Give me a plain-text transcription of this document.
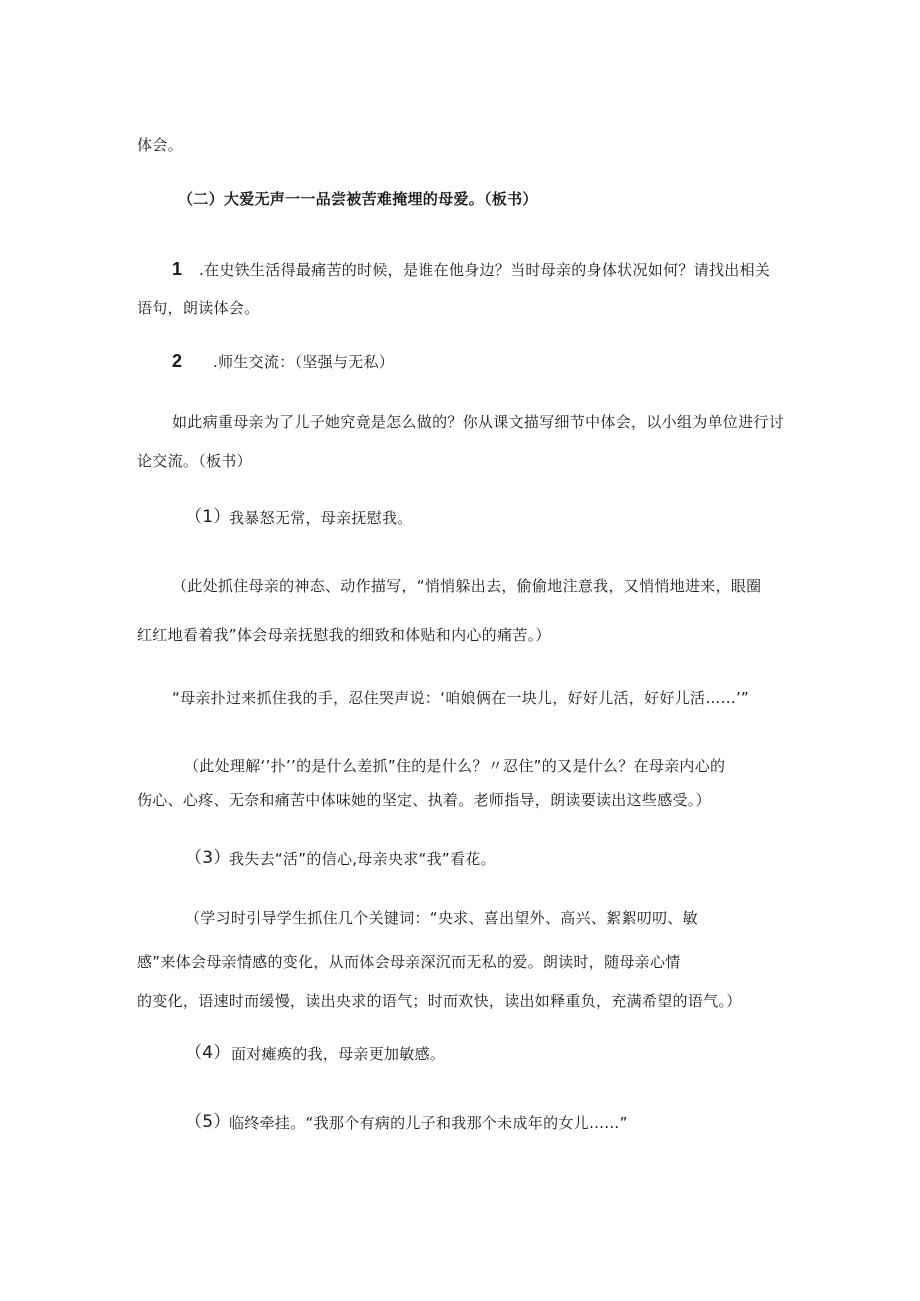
体会。
（二）大爱无声一一品尝被苦难掩埋的母爱。（板书）
1 .在史铁生活得最痛苦的时候，是谁在他身边？当时母亲的身体状况如何？请找出相关
语句，朗读体会。
2 .师生交流：（坚强与无私）
如此病重母亲为了儿子她究竟是怎么做的？你从课文描写细节中体会，以小组为单位进行讨
论交流。（板书）
（1）
我暴怒无常，母亲抚慰我。
（此处抓住母亲的神态、动作描写，“悄悄躲出去，偷偷地注意我，又悄悄地进来，眼圈
红红地看着我”体会母亲抚慰我的细致和体贴和内心的痛苦。）
“母亲扑过来抓住我的手，忍住哭声说：‘咱娘俩在一块儿，好好儿活，好好儿活……’”
（此处理解‘’扑’’的是什么差抓”住的是什么？〃忍住”的又是什么？在母亲内心的
伤心、心疼、无奈和痛苦中体味她的坚定、执着。老师指导，朗读要读出这些感受。）
（3）
我失去“活”的信心,母亲央求“我”看花。
（学习时引导学生抓住几个关键词：“央求、喜出望外、高兴、絮絮叨叨、敏
感”来体会母亲情感的变化，从而体会母亲深沉而无私的爱。朗读时，随母亲心情
的变化，语速时而缓慢，读出央求的语气；时而欢快，读出如释重负，充满希望的语气。）
（4） 面对瘫痪的我，母亲更加敏感。
（5）
临终牵挂。“我那个有病的儿子和我那个未成年的女儿……”
